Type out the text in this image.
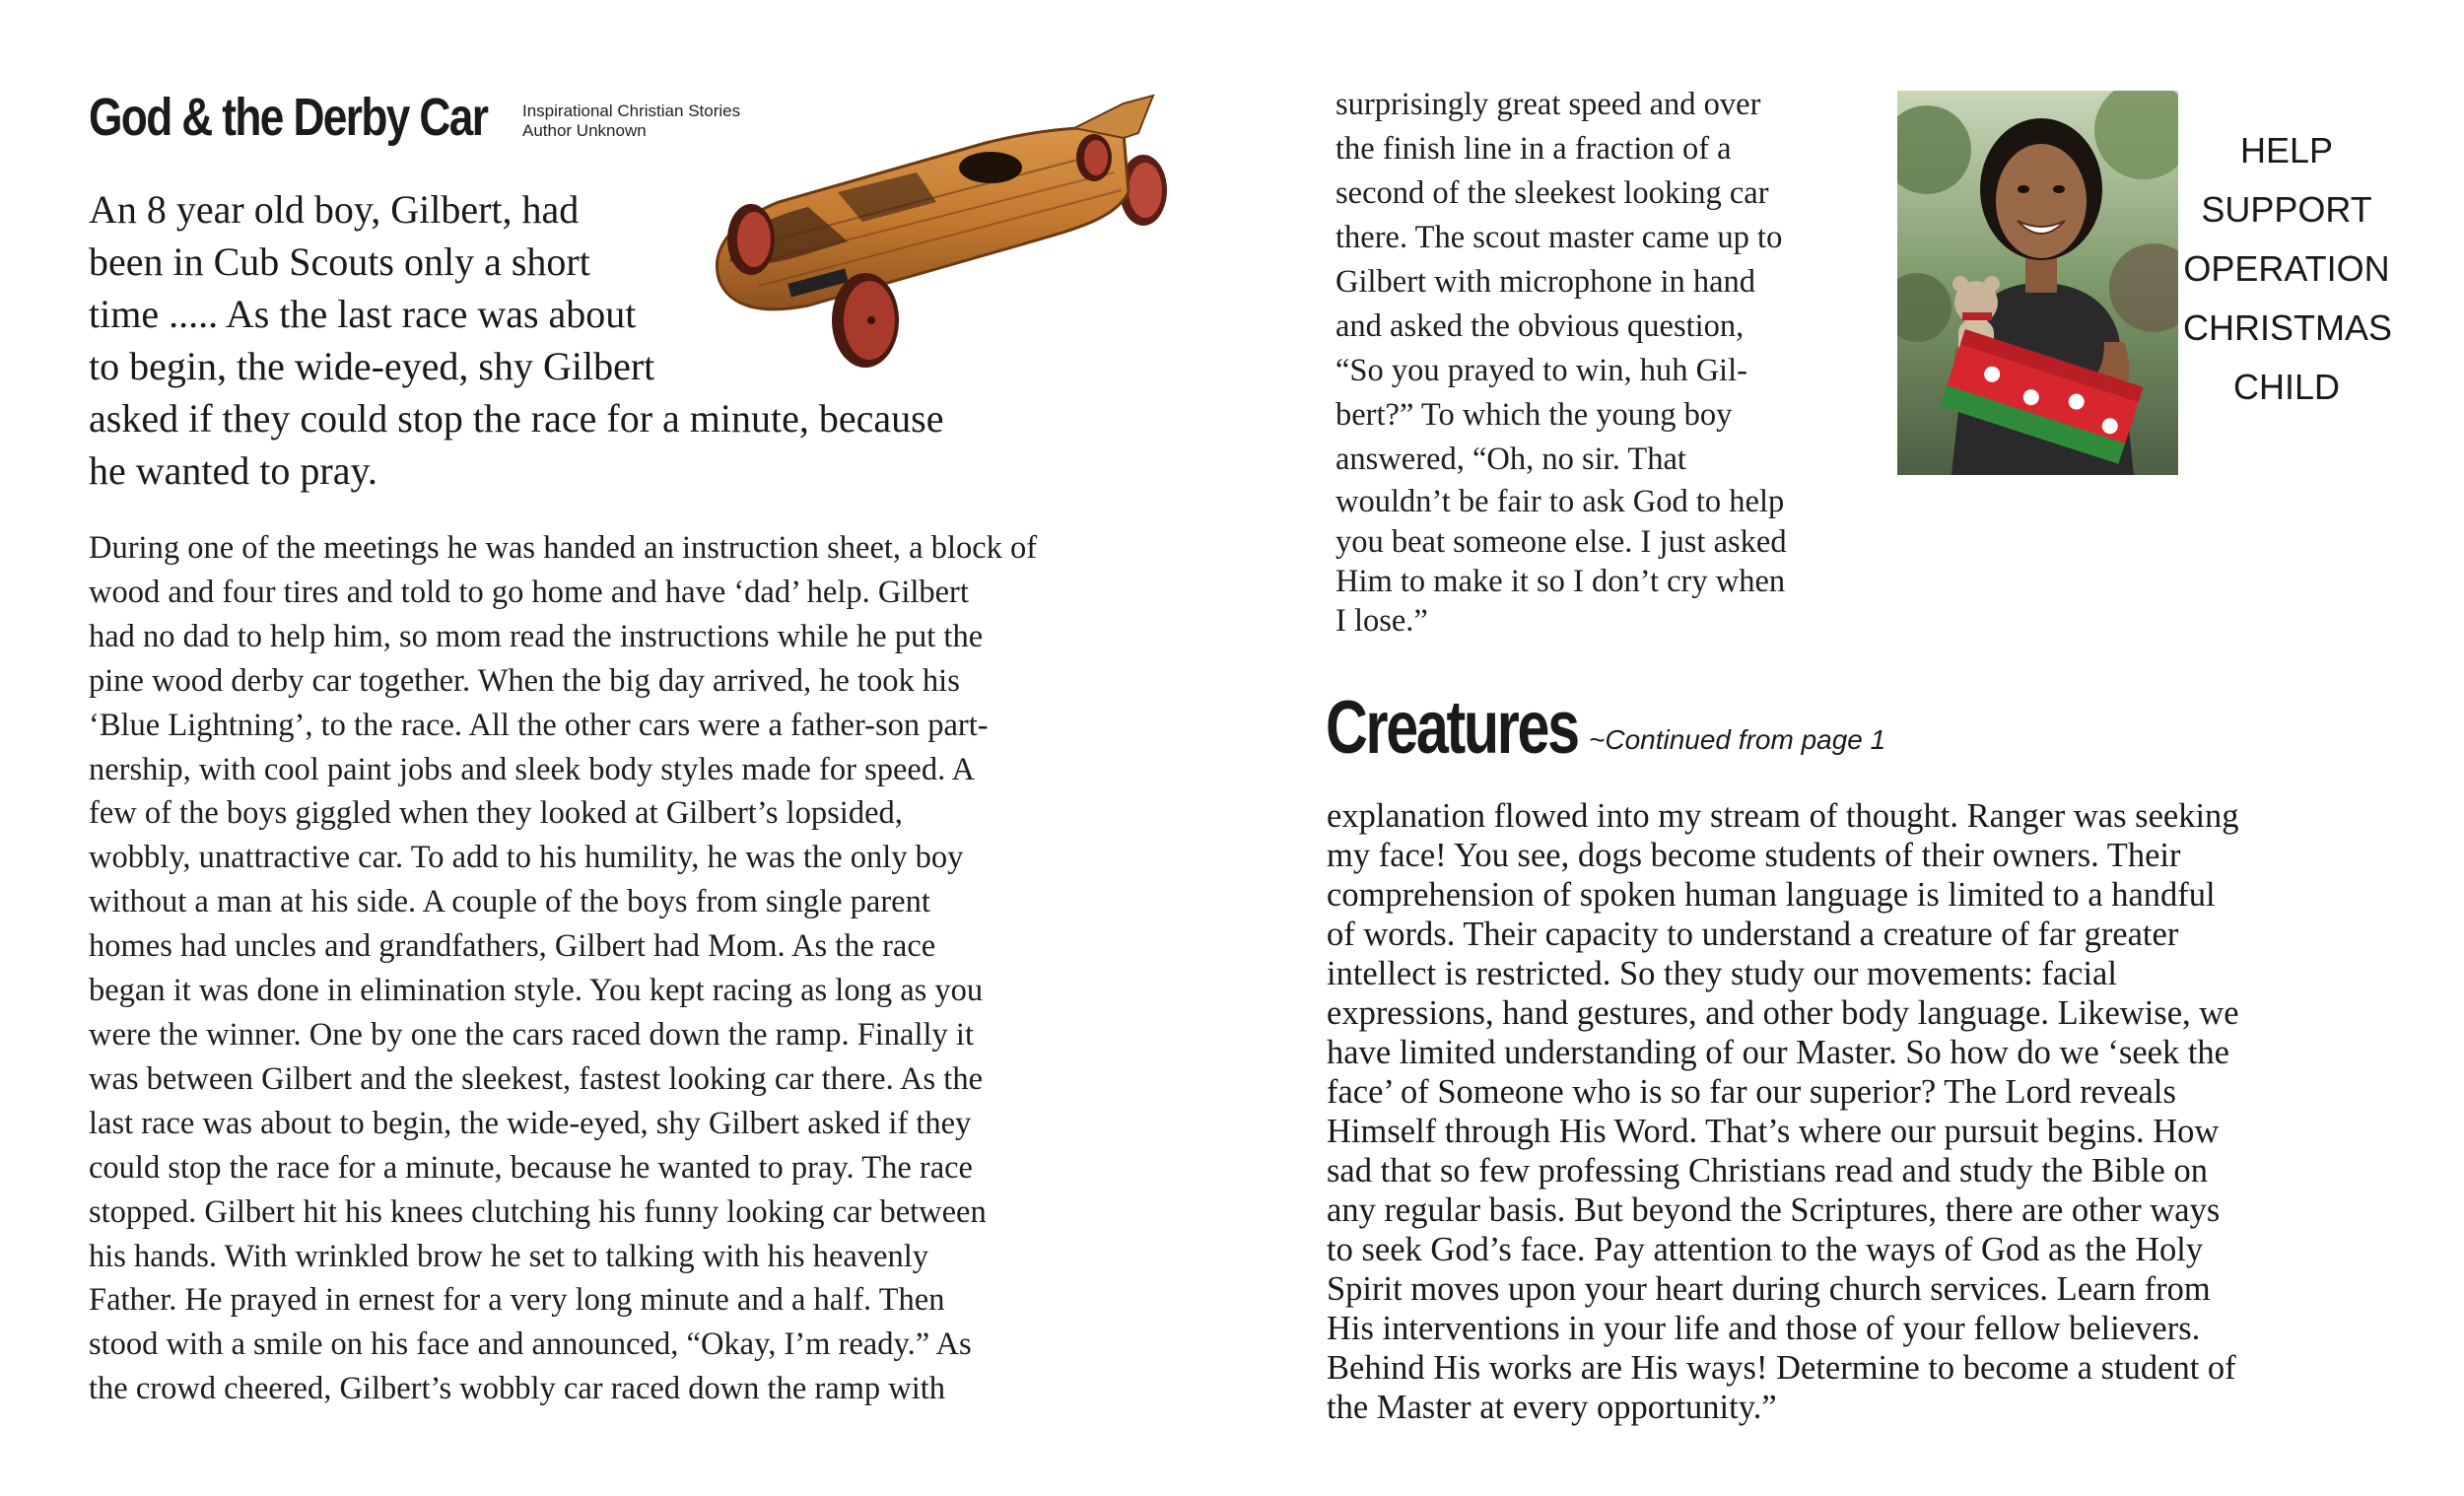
God & the Derby Car Inspirational Christian Stories
Author Unknown
An 8 year old boy, Gilbert, had
been in Cub Scouts only a short
time ..... As the last race was about
to begin, the wide-eyed, shy Gilbert
asked if they could stop the race for a minute, because
he wanted to pray.
During one of the meetings he was handed an instruction sheet, a block of
wood and four tires and told to go home and have ‘dad’ help. Gilbert
had no dad to help him, so mom read the instructions while he put the
pine wood derby car together. When the big day arrived, he took his
‘Blue Lightning’, to the race. All the other cars were a father-son part-
nership, with cool paint jobs and sleek body styles made for speed. A
few of the boys giggled when they looked at Gilbert’s lopsided,
wobbly, unattractive car. To add to his humility, he was the only boy
without a man at his side. A couple of the boys from single parent
homes had uncles and grandfathers, Gilbert had Mom. As the race
began it was done in elimination style. You kept racing as long as you
were the winner. One by one the cars raced down the ramp. Finally it
was between Gilbert and the sleekest, fastest looking car there. As the
last race was about to begin, the wide-eyed, shy Gilbert asked if they
could stop the race for a minute, because he wanted to pray. The race
stopped. Gilbert hit his knees clutching his funny looking car between
his hands. With wrinkled brow he set to talking with his heavenly
Father. He prayed in ernest for a very long minute and a half. Then
stood with a smile on his face and announced, “Okay, I’m ready.” As
the crowd cheered, Gilbert’s wobbly car raced down the ramp with
surprisingly great speed and over
the finish line in a fraction of a
second of the sleekest looking car
there. The scout master came up to
Gilbert with microphone in hand
and asked the obvious question,
“So you prayed to win, huh Gil-
bert?” To which the young boy
answered, “Oh, no sir. That
wouldn’t be fair to ask God to help
you beat someone else. I just asked
Him to make it so I don’t cry when
I lose.”
HELP
SUPPORT
OPERATION
CHRISTMAS
CHILD
Creatures ~Continued from page 1
explanation flowed into my stream of thought. Ranger was seeking
my face! You see, dogs become students of their owners. Their
comprehension of spoken human language is limited to a handful
of words. Their capacity to understand a creature of far greater
intellect is restricted. So they study our movements: facial
expressions, hand gestures, and other body language. Likewise, we
have limited understanding of our Master. So how do we ‘seek the
face’ of Someone who is so far our superior? The Lord reveals
Himself through His Word. That’s where our pursuit begins. How
sad that so few professing Christians read and study the Bible on
any regular basis. But beyond the Scriptures, there are other ways
to seek God’s face. Pay attention to the ways of God as the Holy
Spirit moves upon your heart during church services. Learn from
His interventions in your life and those of your fellow believers.
Behind His works are His ways! Determine to become a student of
the Master at every opportunity.”
